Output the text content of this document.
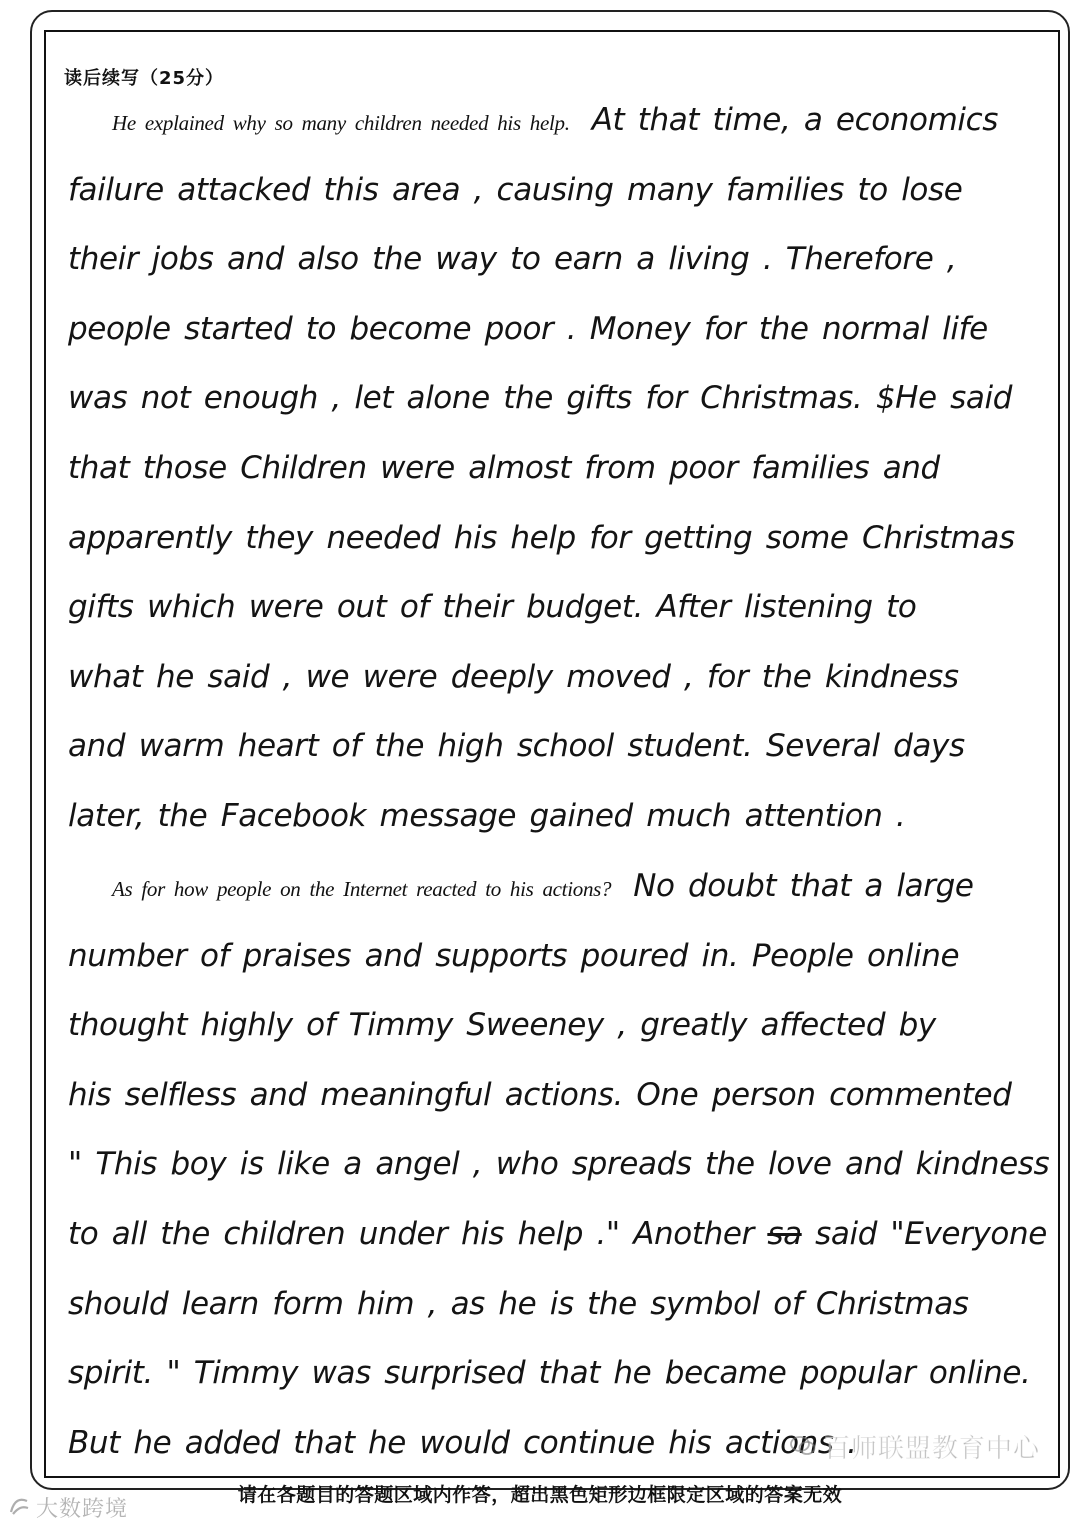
读后续写（25分）
He explained why so many children needed his help. At that time, a economics
failure attacked this area , causing many families to lose
their jobs and also the way to earn a living . Therefore ,
people started to become poor . Money for the normal life
was not enough , let alone the gifts for Christmas. $He said
that those Children were almost from poor families and
apparently they needed his help for getting some Christmas
gifts which were out of their budget. After listening to
what he said , we were deeply moved , for the kindness
and warm heart of the high school student. Several days
later, the Facebook message gained much attention .
As for how people on the Internet reacted to his actions? No doubt that a large
number of praises and supports poured in. People online
thought highly of Timmy Sweeney , greatly affected by
his selfless and meaningful actions. One person commented
" This boy is like a angel , who spreads the love and kindness
to all the children under his help ." Another sa said "Everyone
should learn form him , as he is the symbol of Christmas
spirit. " Timmy was surprised that he became popular online.
But he added that he would continue his actions .
百师联盟教育中心
请在各题目的答题区域内作答，超出黑色矩形边框限定区域的答案无效
大数跨境
